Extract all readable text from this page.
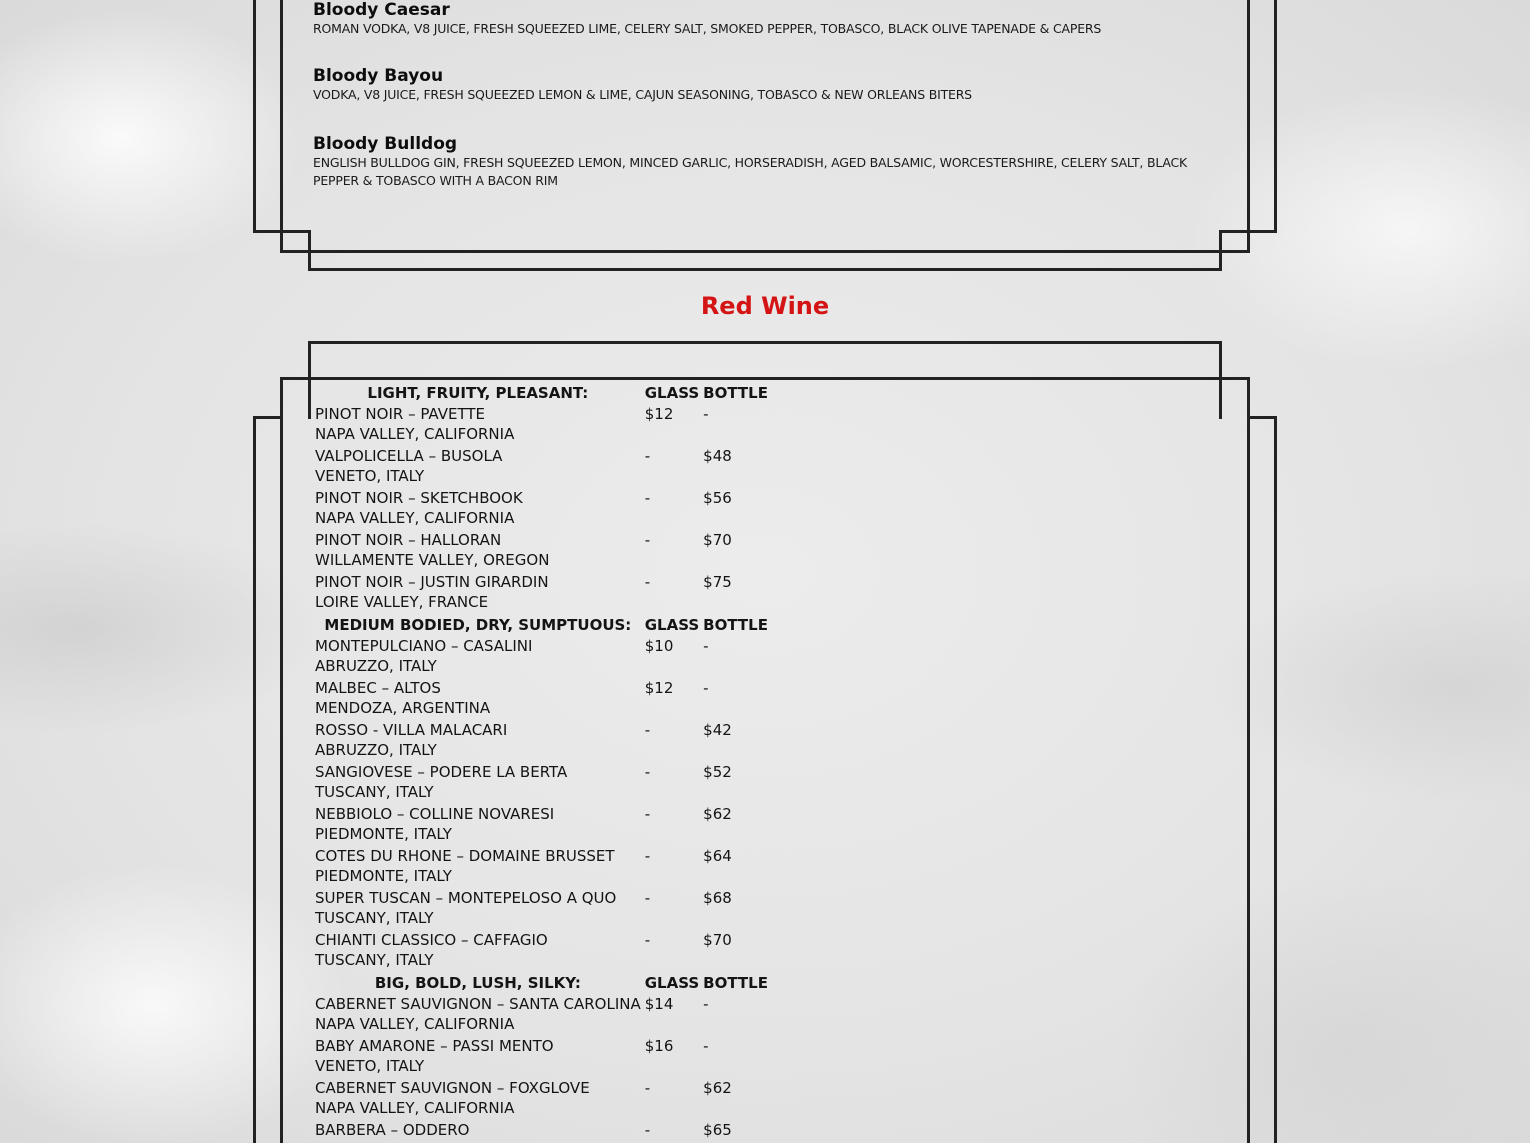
Bloody Caesar
ROMAN VODKA, V8 JUICE, FRESH SQUEEZED LIME, CELERY SALT, SMOKED PEPPER, TOBASCO, BLACK OLIVE TAPENADE & CAPERS
Bloody Bayou
VODKA, V8 JUICE, FRESH SQUEEZED LEMON & LIME, CAJUN SEASONING, TOBASCO & NEW ORLEANS BITERS
Bloody Bulldog
ENGLISH BULLDOG GIN, FRESH SQUEEZED LEMON, MINCED GARLIC, HORSERADISH, AGED BALSAMIC, WORCESTERSHIRE, CELERY SALT, BLACK PEPPER & TOBASCO WITH A BACON RIM
Red Wine
LIGHT, FRUITY, PLEASANT:	GLASS	BOTTLE

PINOT NOIR – PAVETTE
NAPA VALLEY, CALIFORNIA	$12	-

VALPOLICELLA – BUSOLA
VENETO, ITALY	-	$48

PINOT NOIR – SKETCHBOOK
NAPA VALLEY, CALIFORNIA	-	$56

PINOT NOIR – HALLORAN
WILLAMENTE VALLEY, OREGON	-	$70

PINOT NOIR – JUSTIN GIRARDIN
LOIRE VALLEY, FRANCE	-	$75
MEDIUM BODIED, DRY, SUMPTUOUS:	GLASS	BOTTLE

MONTEPULCIANO – CASALINI
ABRUZZO, ITALY	$10	-

MALBEC – ALTOS
MENDOZA, ARGENTINA	$12	-

ROSSO - VILLA MALACARI
ABRUZZO, ITALY	-	$42

SANGIOVESE – PODERE LA BERTA
TUSCANY, ITALY	-	$52

NEBBIOLO – COLLINE NOVARESI
PIEDMONTE, ITALY	-	$62

COTES DU RHONE – DOMAINE BRUSSET
PIEDMONTE, ITALY	-	$64

SUPER TUSCAN – MONTEPELOSO A QUO
TUSCANY, ITALY	-	$68

CHIANTI CLASSICO – CAFFAGIO
TUSCANY, ITALY	-	$70
BIG, BOLD, LUSH, SILKY:	GLASS	BOTTLE

CABERNET SAUVIGNON – SANTA CAROLINA
NAPA VALLEY, CALIFORNIA	$14	-

BABY AMARONE – PASSI MENTO
VENETO, ITALY	$16	-

CABERNET SAUVIGNON – FOXGLOVE
NAPA VALLEY, CALIFORNIA	-	$62

BARBERA – ODDERO	-	$65
